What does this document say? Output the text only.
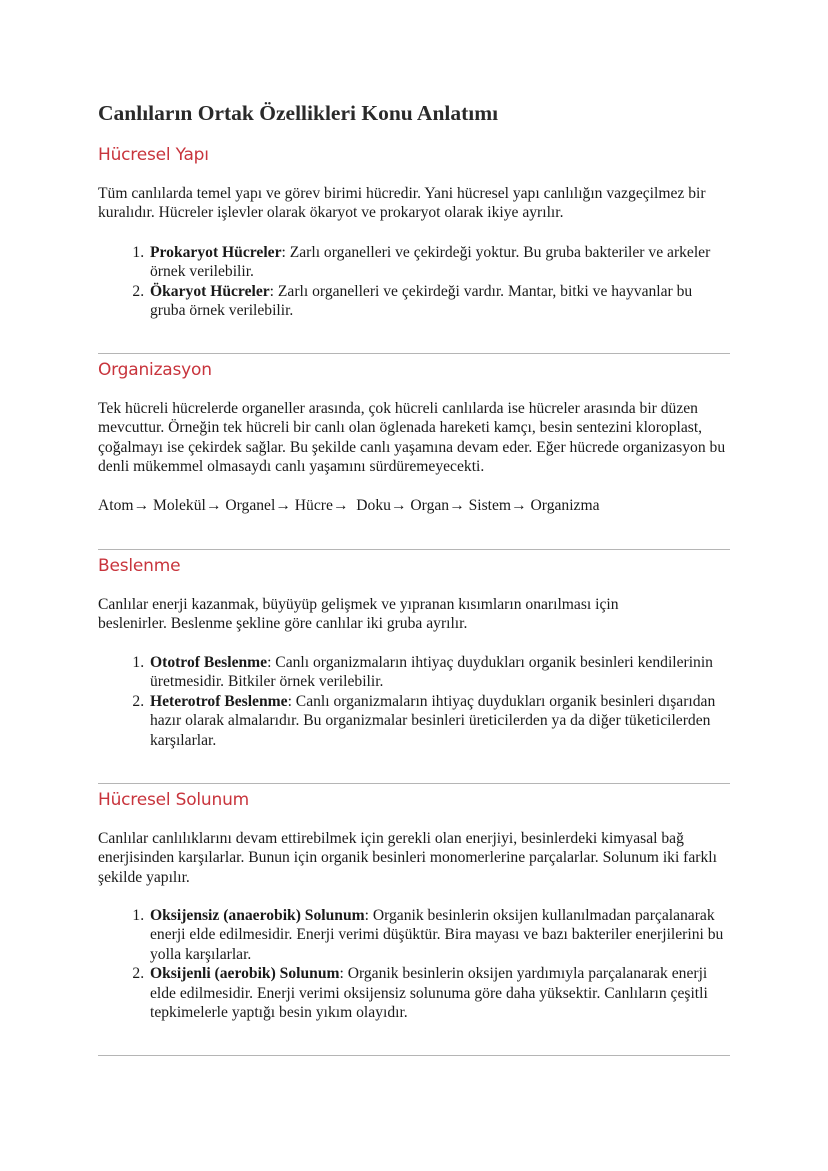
Canlıların Ortak Özellikleri Konu Anlatımı
Hücresel Yapı

Tüm canlılarda temel yapı ve görev birimi hücredir. Yani hücresel yapı canlılığın vazgeçilmez bir kuralıdır. Hücreler işlevler olarak ökaryot ve prokaryot olarak ikiye ayrılır.

1. Prokaryot Hücreler: Zarlı organelleri ve çekirdeği yoktur. Bu gruba bakteriler ve arkeler örnek verilebilir.
2. Ökaryot Hücreler: Zarlı organelleri ve çekirdeği vardır. Mantar, bitki ve hayvanlar bu gruba örnek verilebilir.
Organizasyon

Tek hücreli hücrelerde organeller arasında, çok hücreli canlılarda ise hücreler arasında bir düzen mevcuttur. Örneğin tek hücreli bir canlı olan öglenada hareketi kamçı, besin sentezini kloroplast, çoğalmayı ise çekirdek sağlar. Bu şekilde canlı yaşamına devam eder. Eğer hücrede organizasyon bu denli mükemmel olmasaydı canlı yaşamını sürdüremeyecekti.

Atom→ Molekül→ Organel→ Hücre→  Doku→ Organ→ Sistem→ Organizma

Beslenme

Canlılar enerji kazanmak, büyüyüp gelişmek ve yıpranan kısımların onarılması için beslenirler. Beslenme şekline göre canlılar iki gruba ayrılır.

1. Ototrof Beslenme: Canlı organizmaların ihtiyaç duydukları organik besinleri kendilerinin üretmesidir. Bitkiler örnek verilebilir.
2. Heterotrof Beslenme: Canlı organizmaların ihtiyaç duydukları organik besinleri dışarıdan hazır olarak almalarıdır. Bu organizmalar besinleri üreticilerden ya da diğer tüketicilerden karşılarlar.
Hücresel Solunum

Canlılar canlılıklarını devam ettirebilmek için gerekli olan enerjiyi, besinlerdeki kimyasal bağ enerjisinden karşılarlar. Bunun için organik besinleri monomerlerine parçalarlar. Solunum iki farklı şekilde yapılır.

1. Oksijensiz (anaerobik) Solunum: Organik besinlerin oksijen kullanılmadan parçalanarak enerji elde edilmesidir. Enerji verimi düşüktür. Bira mayası ve bazı bakteriler enerjilerini bu yolla karşılarlar.
2. Oksijenli (aerobik) Solunum: Organik besinlerin oksijen yardımıyla parçalanarak enerji elde edilmesidir. Enerji verimi oksijensiz solunuma göre daha yüksektir. Canlıların çeşitli tepkimelerle yaptığı besin yıkım olayıdır.
